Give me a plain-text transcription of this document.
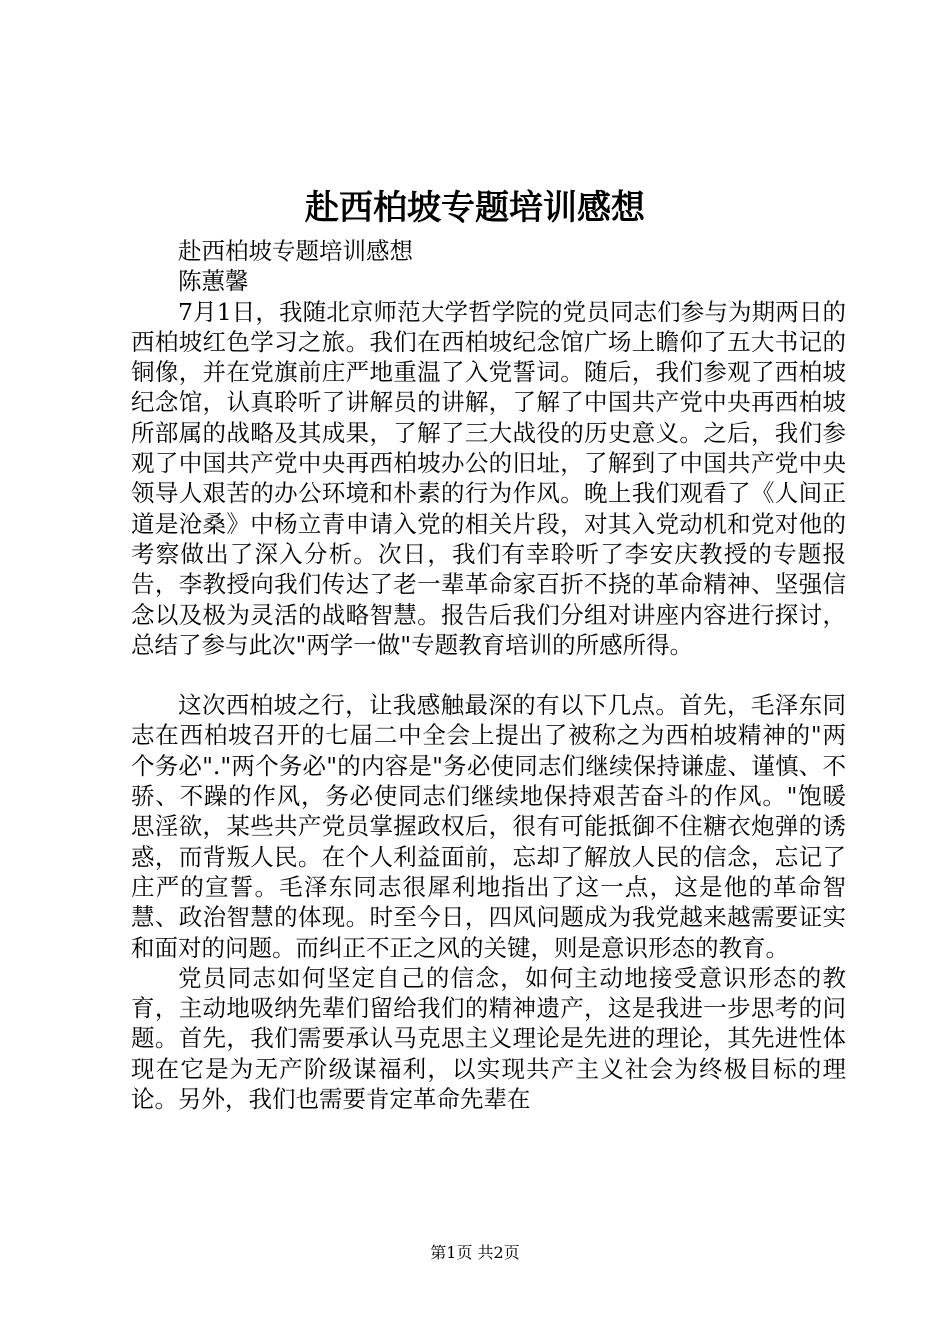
赴西柏坡专题培训感想

赴西柏坡专题培训感想

陈蕙馨

7月1日，我随北京师范大学哲学院的党员同志们参与为期两日的西柏坡红色学习之旅。我们在西柏坡纪念馆广场上瞻仰了五大书记的铜像，并在党旗前庄严地重温了入党誓词。随后，我们参观了西柏坡纪念馆，认真聆听了讲解员的讲解，了解了中国共产党中央再西柏坡所部属的战略及其成果，了解了三大战役的历史意义。之后，我们参观了中国共产党中央再西柏坡办公的旧址，了解到了中国共产党中央领导人艰苦的办公环境和朴素的行为作风。晚上我们观看了《人间正道是沧桑》中杨立青申请入党的相关片段，对其入党动机和党对他的考察做出了深入分析。次日，我们有幸聆听了李安庆教授的专题报告，李教授向我们传达了老一辈革命家百折不挠的革命精神、坚强信念以及极为灵活的战略智慧。报告后我们分组对讲座内容进行探讨，总结了参与此次"两学一做"专题教育培训的所感所得。

这次西柏坡之行，让我感触最深的有以下几点。首先，毛泽东同志在西柏坡召开的七届二中全会上提出了被称之为西柏坡精神的"两个务必"."两个务必"的内容是"务必使同志们继续保持谦虚、谨慎、不骄、不躁的作风，务必使同志们继续地保持艰苦奋斗的作风。"饱暖思淫欲，某些共产党员掌握政权后，很有可能抵御不住糖衣炮弹的诱惑，而背叛人民。在个人利益面前，忘却了解放人民的信念，忘记了庄严的宣誓。毛泽东同志很犀利地指出了这一点，这是他的革命智慧、政治智慧的体现。时至今日，四风问题成为我党越来越需要证实和面对的问题。而纠正不正之风的关键，则是意识形态的教育。

党员同志如何坚定自己的信念，如何主动地接受意识形态的教育，主动地吸纳先辈们留给我们的精神遗产，这是我进一步思考的问题。首先，我们需要承认马克思主义理论是先进的理论，其先进性体现在它是为无产阶级谋福利，以实现共产主义社会为终极目标的理论。另外，我们也需要肯定革命先辈在

第1页 共2页
